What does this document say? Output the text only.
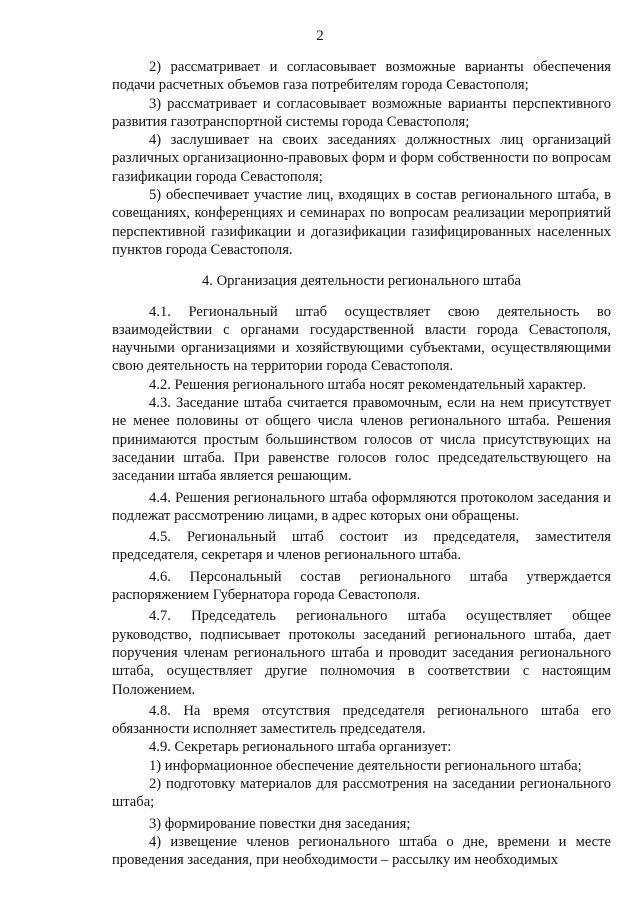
2

2) рассматривает и согласовывает возможные варианты обеспечения подачи расчетных объемов газа потребителям города Севастополя;

3) рассматривает и согласовывает возможные варианты перспективного развития газотранспортной системы города Севастополя;

4) заслушивает на своих заседаниях должностных лиц организаций различных организационно-правовых форм и форм собственности по вопросам газификации города Севастополя;

5) обеспечивает участие лиц, входящих в состав регионального штаба, в совещаниях, конференциях и семинарах по вопросам реализации мероприятий перспективной газификации и догазификации газифицированных населенных пунктов города Севастополя.

4. Организация деятельности регионального штаба

4.1. Региональный штаб осуществляет свою деятельность во взаимодействии с органами государственной власти города Севастополя, научными организациями и хозяйствующими субъектами, осуществляющими свою деятельность на территории города Севастополя.

4.2. Решения регионального штаба носят рекомендательный характер.

4.3. Заседание штаба считается правомочным, если на нем присутствует не менее половины от общего числа членов регионального штаба. Решения принимаются простым большинством голосов от числа присутствующих на заседании штаба. При равенстве голосов голос председательствующего на заседании штаба является решающим.

4.4. Решения регионального штаба оформляются протоколом заседания и подлежат рассмотрению лицами, в адрес которых они обращены.

4.5. Региональный штаб состоит из председателя, заместителя председателя, секретаря и членов регионального штаба.

4.6. Персональный состав регионального штаба утверждается распоряжением Губернатора города Севастополя.

4.7. Председатель регионального штаба осуществляет общее руководство, подписывает протоколы заседаний регионального штаба, дает поручения членам регионального штаба и проводит заседания регионального штаба, осуществляет другие полномочия в соответствии с настоящим Положением.

4.8. На время отсутствия председателя регионального штаба его обязанности исполняет заместитель председателя.

4.9. Секретарь регионального штаба организует:

1) информационное обеспечение деятельности регионального штаба;

2) подготовку материалов для рассмотрения на заседании регионального штаба;

3) формирование повестки дня заседания;

4) извещение членов регионального штаба о дне, времени и месте проведения заседания, при необходимости – рассылку им необходимых
